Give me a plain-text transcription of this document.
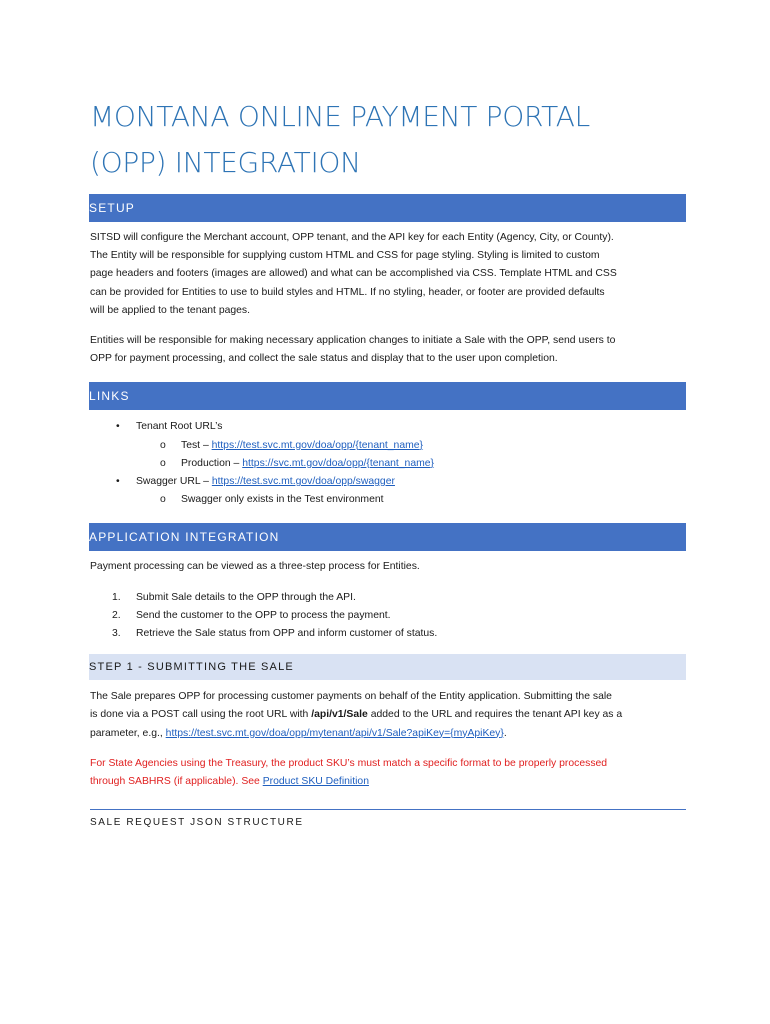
MONTANA ONLINE PAYMENT PORTAL
(OPP) INTEGRATION
SETUP
SITSD will configure the Merchant account, OPP tenant, and the API key for each Entity (Agency, City, or County).
The Entity will be responsible for supplying custom HTML and CSS for page styling. Styling is limited to custom
page headers and footers (images are allowed) and what can be accomplished via CSS. Template HTML and CSS
can be provided for Entities to use to build styles and HTML. If no styling, header, or footer are provided defaults
will be applied to the tenant pages.
Entities will be responsible for making necessary application changes to initiate a Sale with the OPP, send users to
OPP for payment processing, and collect the sale status and display that to the user upon completion.
LINKS
• Tenant Root URL’s
o Test – https://test.svc.mt.gov/doa/opp/{tenant_name}
o Production – https://svc.mt.gov/doa/opp/{tenant_name}
• Swagger URL – https://test.svc.mt.gov/doa/opp/swagger
o Swagger only exists in the Test environment
APPLICATION INTEGRATION
Payment processing can be viewed as a three-step process for Entities.
1. Submit Sale details to the OPP through the API.
2. Send the customer to the OPP to process the payment.
3. Retrieve the Sale status from OPP and inform customer of status.
STEP 1 - SUBMITTING THE SALE
The Sale prepares OPP for processing customer payments on behalf of the Entity application. Submitting the sale
is done via a POST call using the root URL with /api/v1/Sale added to the URL and requires the tenant API key as a
parameter, e.g., https://test.svc.mt.gov/doa/opp/mytenant/api/v1/Sale?apiKey={myApiKey}.
For State Agencies using the Treasury, the product SKU’s must match a specific format to be properly processed
through SABHRS (if applicable). See Product SKU Definition
SALE REQUEST JSON STRUCTURE
